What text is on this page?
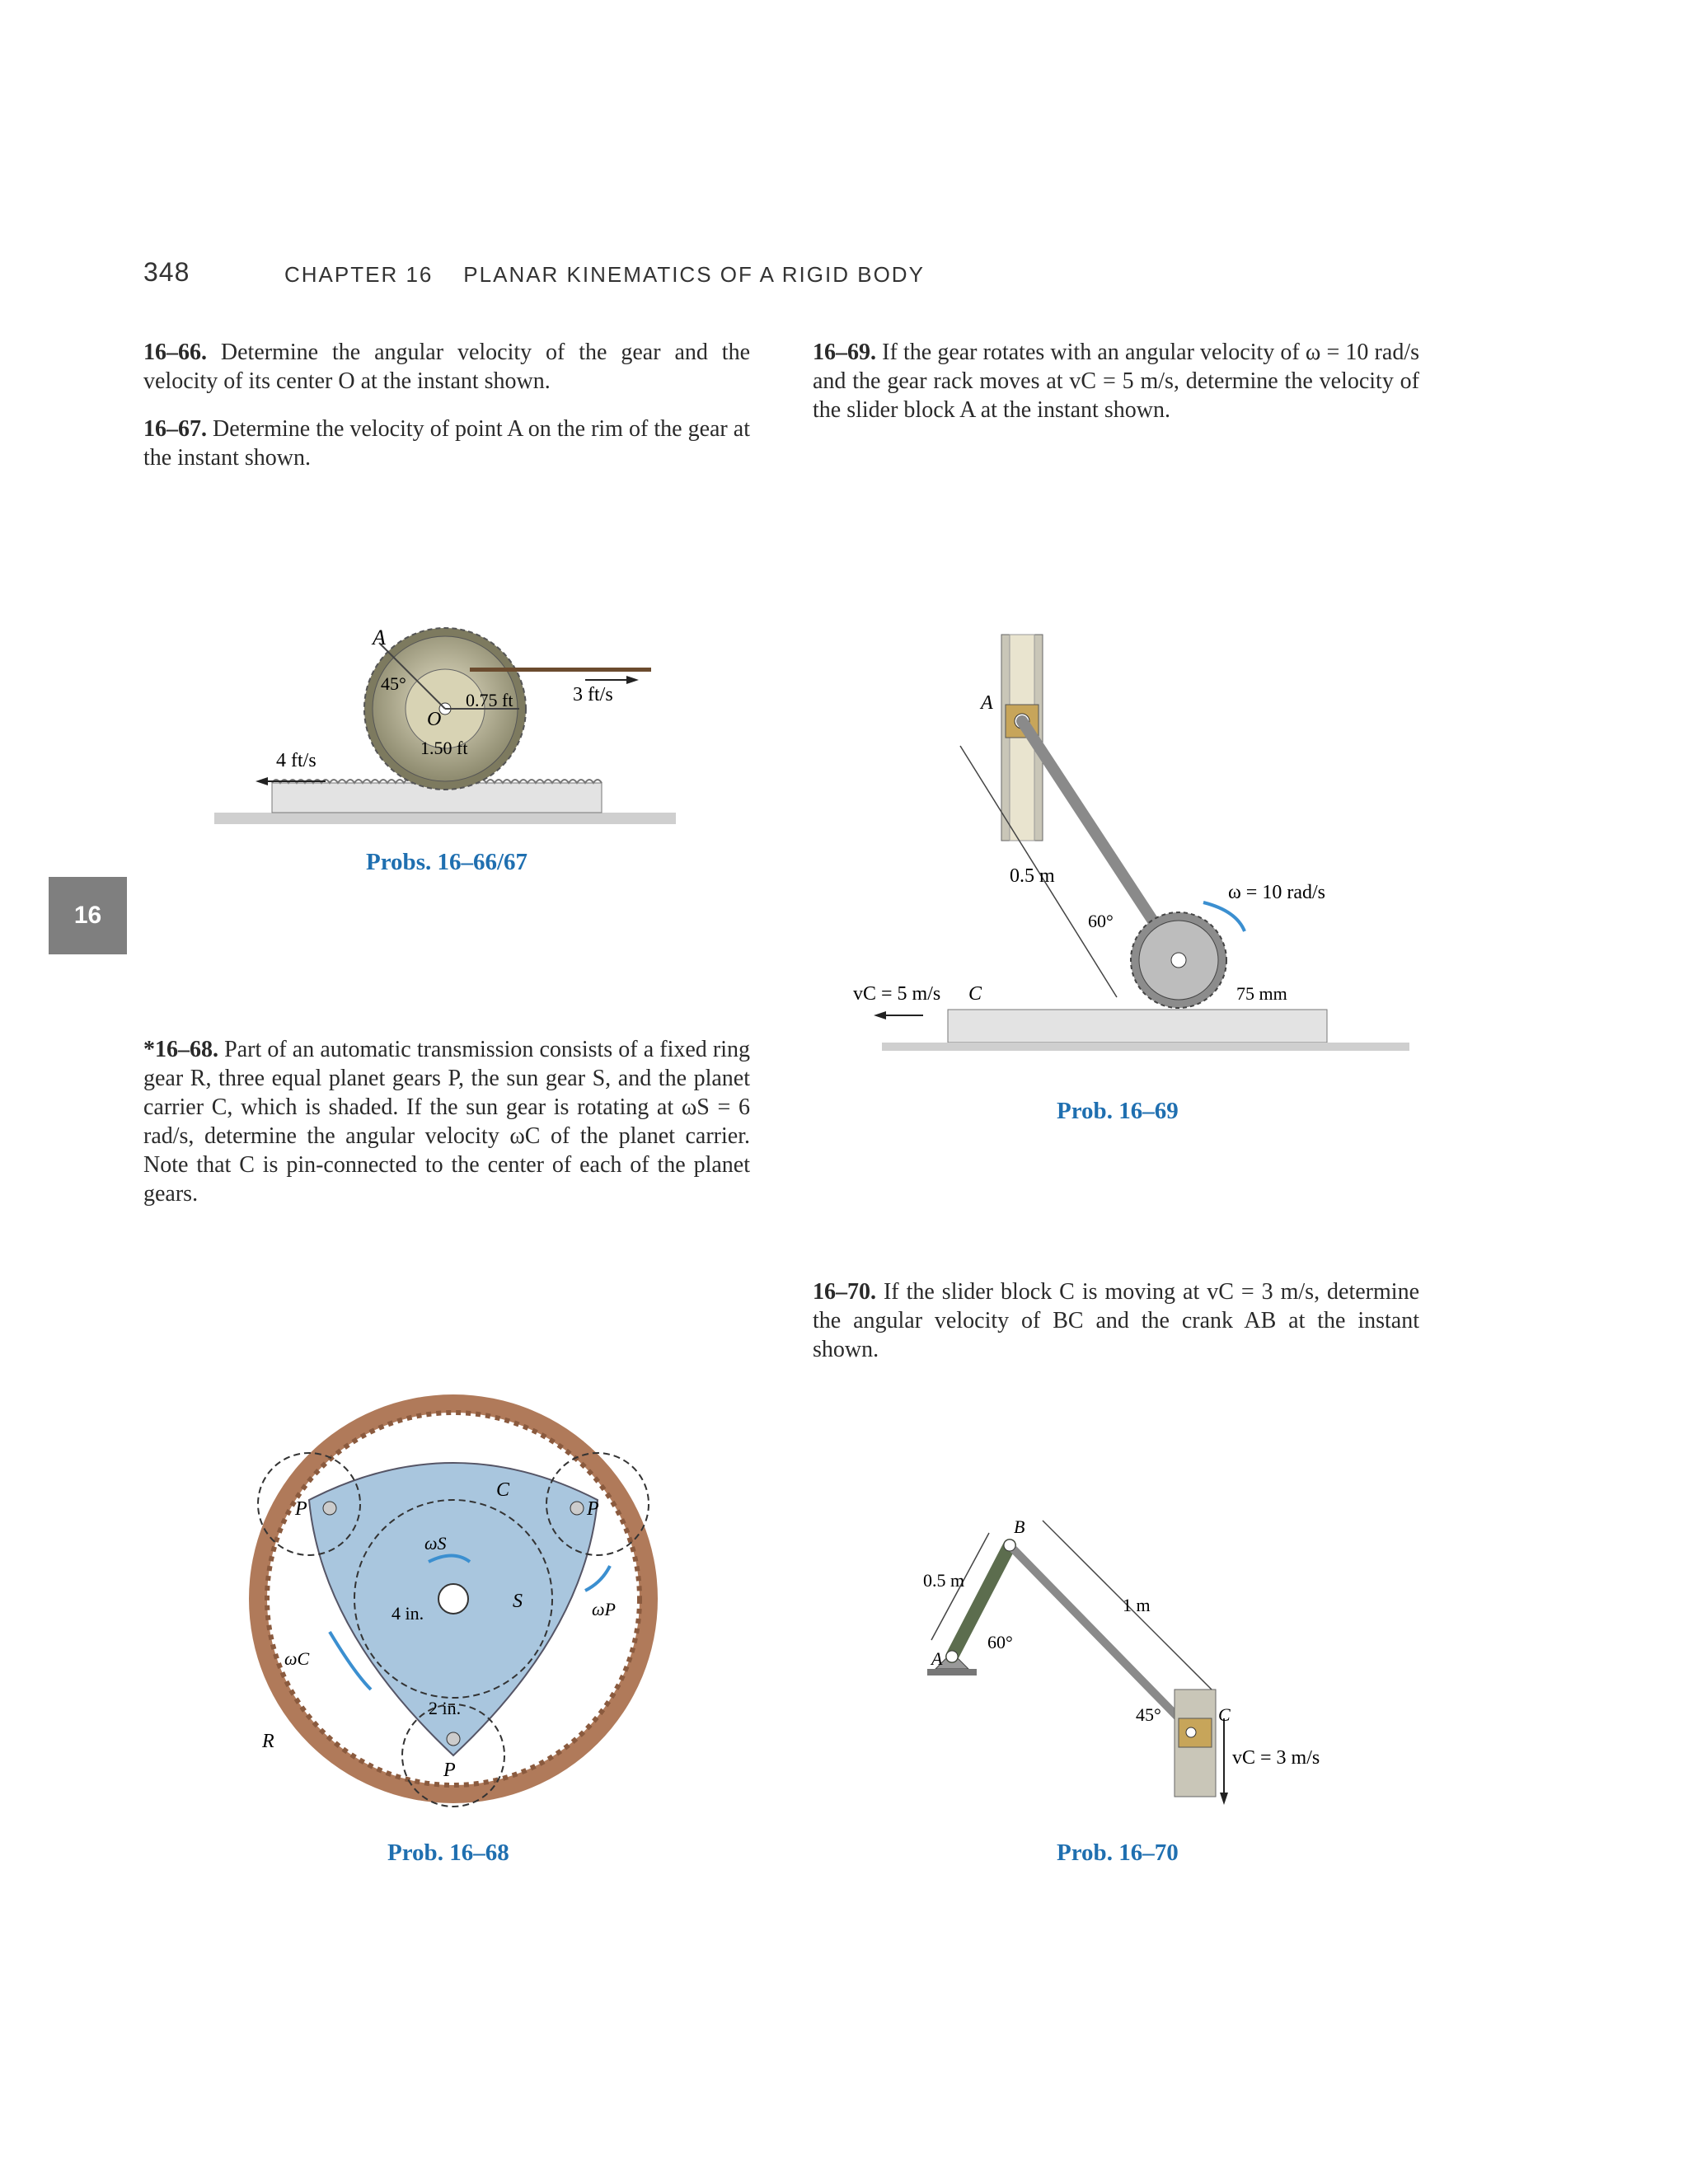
348	CHAPTER 16 PLANAR KINEMATICS OF A RIGID BODY
16
16–66. Determine the angular velocity of the gear and the velocity of its center O at the instant shown.
16–67. Determine the velocity of point A on the rim of the gear at the instant shown.
*16–68. Part of an automatic transmission consists of a fixed ring gear R, three equal planet gears P, the sun gear S, and the planet carrier C, which is shaded. If the sun gear is rotating at ωS = 6 rad/s, determine the angular velocity ωC of the planet carrier. Note that C is pin-connected to the center of each of the planet gears.
16–69. If the gear rotates with an angular velocity of ω = 10 rad/s and the gear rack moves at vC = 5 m/s, determine the velocity of the slider block A at the instant shown.
16–70. If the slider block C is moving at vC = 3 m/s, determine the angular velocity of BC and the crank AB at the instant shown.
A
45°
O
0.75 ft
1.50 ft
3 ft/s
4 ft/s
Probs. 16–66/67
P	P
P
C
S
R
ωS
ωP
ωC
4 in.
2 in.
Prob. 16–68
A
0.5 m
60°
ω = 10 rad/s
vC = 5 m/s C	75 mm
Prob. 16–69
B
A
0.5 m
1 m
60°
45°	C
vC = 3 m/s
Prob. 16–70
